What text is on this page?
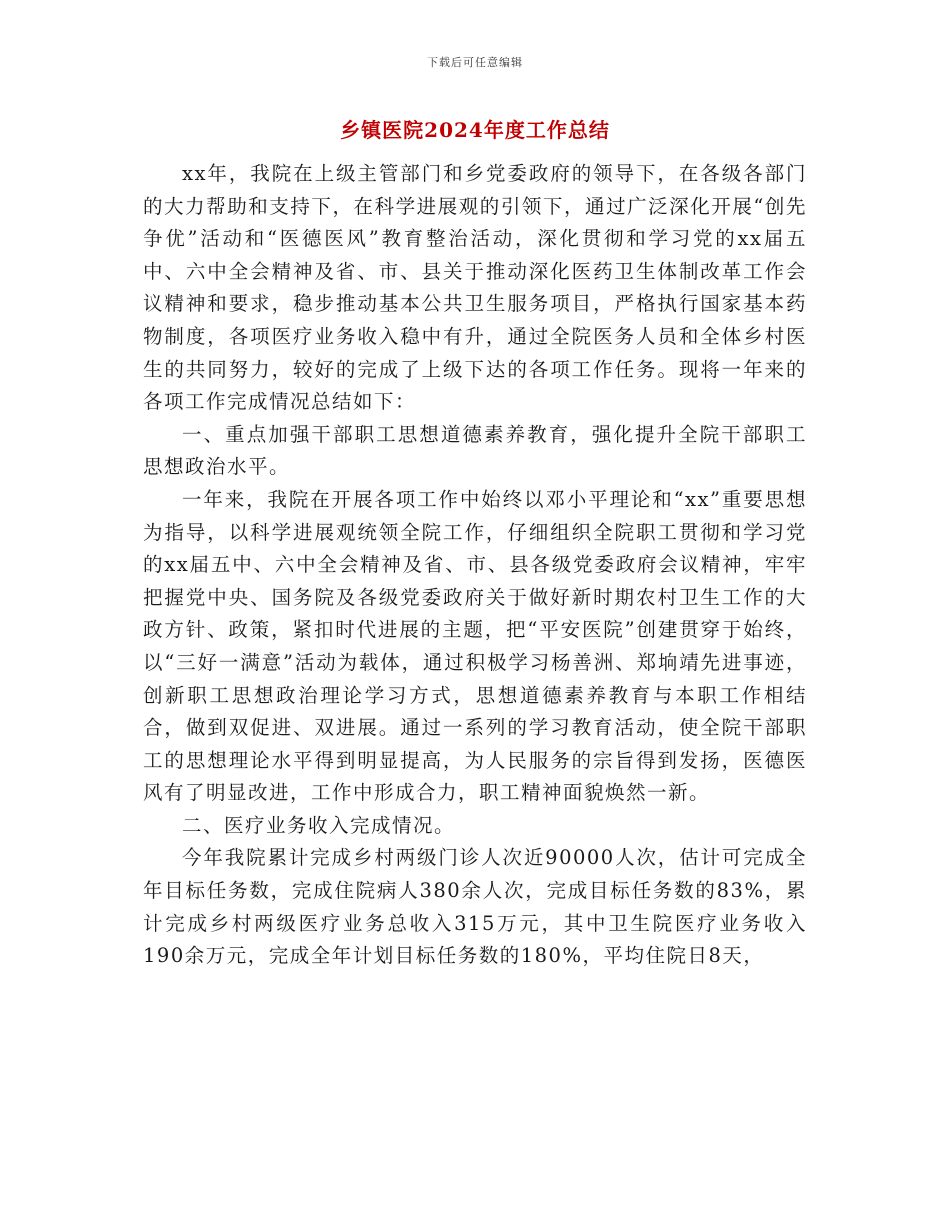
下载后可任意编辑
乡镇医院2024年度工作总结

xx年，我院在上级主管部门和乡党委政府的领导下，在各级各部门的大力帮助和支持下，在科学进展观的引领下，通过广泛深化开展“创先争优”活动和“医德医风”教育整治活动，深化贯彻和学习党的xx届五中、六中全会精神及省、市、县关于推动深化医药卫生体制改革工作会议精神和要求，稳步推动基本公共卫生服务项目，严格执行国家基本药物制度，各项医疗业务收入稳中有升，通过全院医务人员和全体乡村医生的共同努力，较好的完成了上级下达的各项工作任务。现将一年来的各项工作完成情况总结如下：

一、重点加强干部职工思想道德素养教育，强化提升全院干部职工思想政治水平。

一年来，我院在开展各项工作中始终以邓小平理论和“xx”重要思想为指导，以科学进展观统领全院工作，仔细组织全院职工贯彻和学习党的xx届五中、六中全会精神及省、市、县各级党委政府会议精神，牢牢把握党中央、国务院及各级党委政府关于做好新时期农村卫生工作的大政方针、政策，紧扣时代进展的主题，把“平安医院”创建贯穿于始终，以“三好一满意”活动为载体，通过积极学习杨善洲、郑垧靖先进事迹，创新职工思想政治理论学习方式，思想道德素养教育与本职工作相结合，做到双促进、双进展。通过一系列的学习教育活动，使全院干部职工的思想理论水平得到明显提高，为人民服务的宗旨得到发扬，医德医风有了明显改进，工作中形成合力，职工精神面貌焕然一新。

二、医疗业务收入完成情况。

今年我院累计完成乡村两级门诊人次近90000人次，估计可完成全年目标任务数，完成住院病人380余人次，完成目标任务数的83%，累计完成乡村两级医疗业务总收入315万元，其中卫生院医疗业务收入190余万元，完成全年计划目标任务数的180%，平均住院日8天，
